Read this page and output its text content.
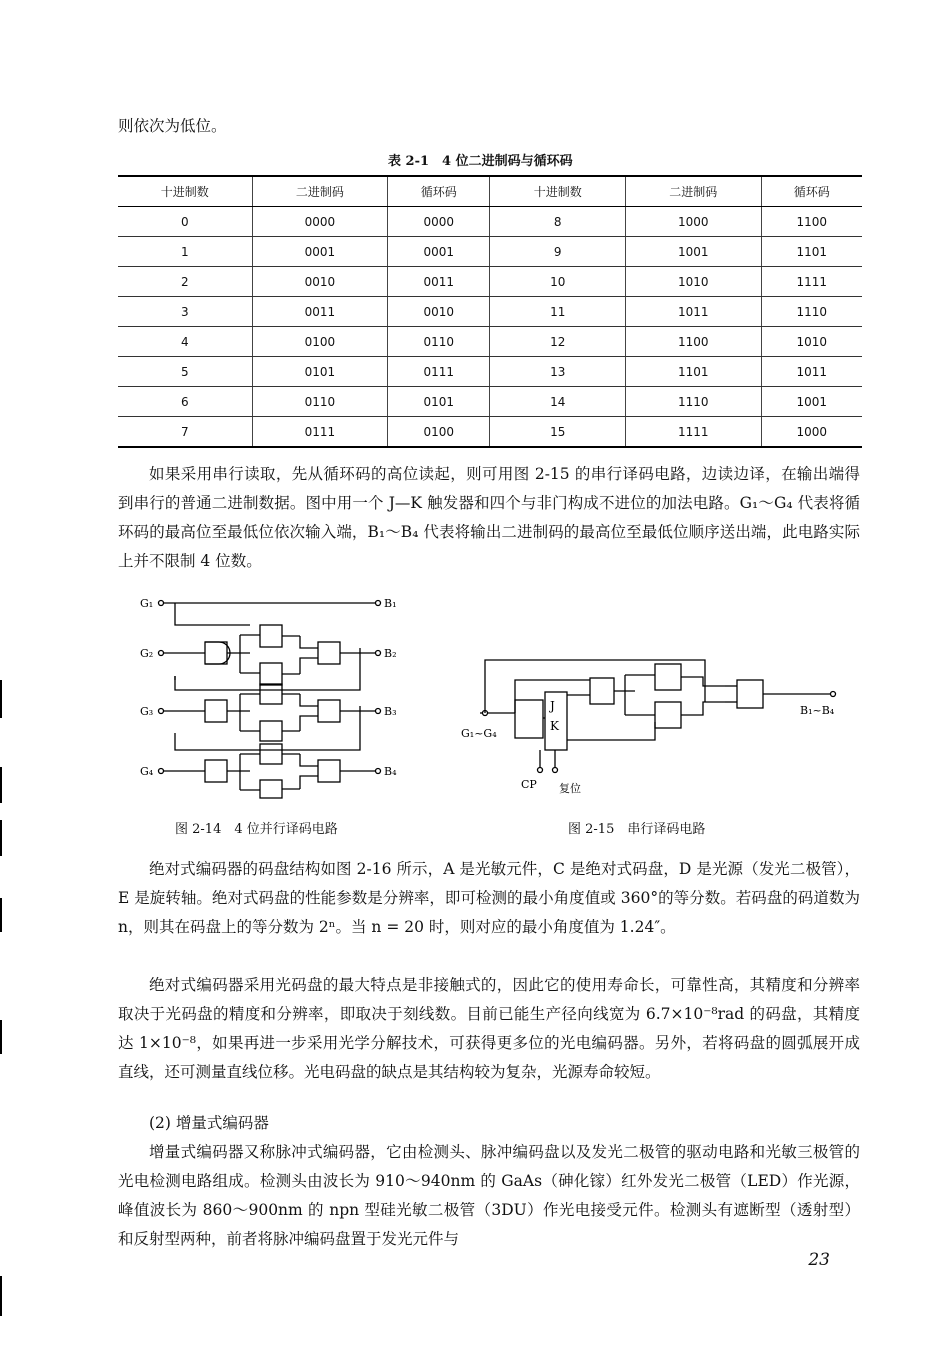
则依次为低位。
表 2-1　4 位二进制码与循环码
十进制数	二进制码	循环码	十进制数	二进制码	循环码
0	0000	0000	8	1000	1100
1	0001	0001	9	1001	1101
2	0010	0011	10	1010	1111
3	0011	0010	11	1011	1110
4	0100	0110	12	1100	1010
5	0101	0111	13	1101	1011
6	0110	0101	14	1110	1001
7	0111	0100	15	1111	1000
如果采用串行读取，先从循环码的高位读起，则可用图 2-15 的串行译码电路，边读边译，在输出端得到串行的普通二进制数据。图中用一个 J—K 触发器和四个与非门构成不进位的加法电路。G₁～G₄ 代表将循环码的最高位至最低位依次输入端，B₁～B₄ 代表将输出二进制码的最高位至最低位顺序送出端，此电路实际上并不限制 4 位数。
G₁
G₂
G₃
G₄
B₁
B₂
B₃
B₄
G₁~G₄
J
K
CP 复位
B₁~B₄
图 2-14　4 位并行译码电路	图 2-15　串行译码电路
绝对式编码器的码盘结构如图 2-16 所示，A 是光敏元件，C 是绝对式码盘，D 是光源（发光二极管），E 是旋转轴。绝对式码盘的性能参数是分辨率，即可检测的最小角度值或 360°的等分数。若码盘的码道数为 n，则其在码盘上的等分数为 2ⁿ。当 n = 20 时，则对应的最小角度值为 1.24″。
绝对式编码器采用光码盘的最大特点是非接触式的，因此它的使用寿命长，可靠性高，其精度和分辨率取决于光码盘的精度和分辨率，即取决于刻线数。目前已能生产径向线宽为 6.7×10⁻⁸rad 的码盘，其精度达 1×10⁻⁸，如果再进一步采用光学分解技术，可获得更多位的光电编码器。另外，若将码盘的圆弧展开成直线，还可测量直线位移。光电码盘的缺点是其结构较为复杂，光源寿命较短。
(2) 增量式编码器
增量式编码器又称脉冲式编码器，它由检测头、脉冲编码盘以及发光二极管的驱动电路和光敏三极管的光电检测电路组成。检测头由波长为 910～940nm 的 GaAs（砷化镓）红外发光二极管（LED）作光源，峰值波长为 860～900nm 的 npn 型硅光敏二极管（3DU）作光电接受元件。检测头有遮断型（透射型）和反射型两种，前者将脉冲编码盘置于发光元件与
23
